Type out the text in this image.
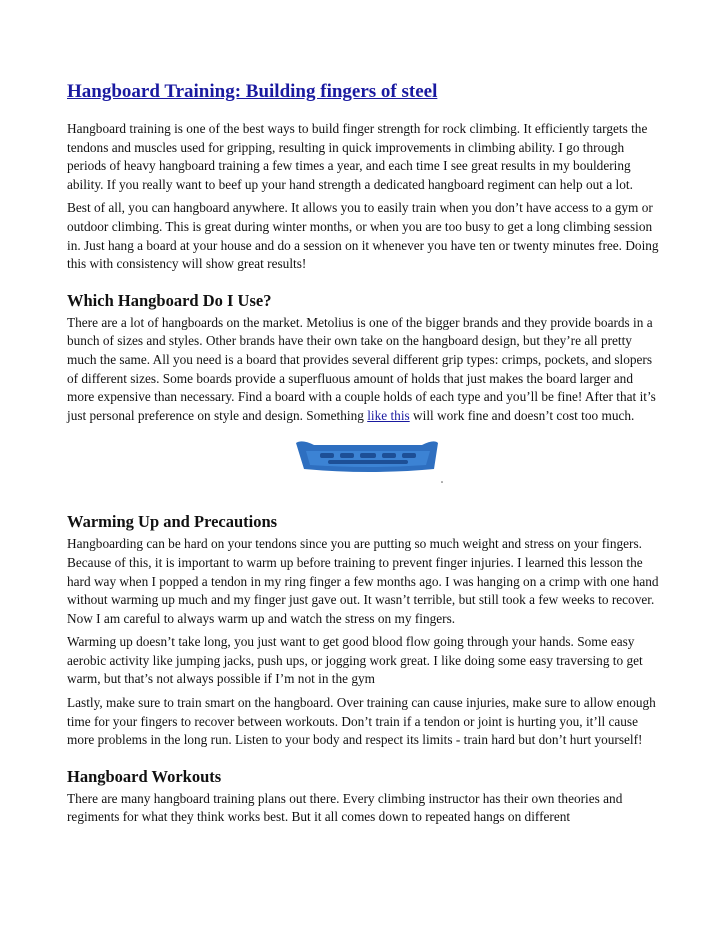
Hangboard Training: Building fingers of steel

Hangboard training is one of the best ways to build finger strength for rock climbing. It efficiently targets the tendons and muscles used for gripping, resulting in quick improvements in climbing ability. I go through periods of heavy hangboard training a few times a year, and each time I see great results in my bouldering ability. If you really want to beef up your hand strength a dedicated hangboard regiment can help out a lot.

Best of all, you can hangboard anywhere. It allows you to easily train when you don’t have access to a gym or outdoor climbing. This is great during winter months, or when you are too busy to get a long climbing session in. Just hang a board at your house and do a session on it whenever you have ten or twenty minutes free. Doing this with consistency will show great results!

Which Hangboard Do I Use?

There are a lot of hangboards on the market. Metolius is one of the bigger brands and they provide boards in a bunch of sizes and styles. Other brands have their own take on the hangboard design, but they’re all pretty much the same. All you need is a board that provides several different grip types: crimps, pockets, and slopers of different sizes. Some boards provide a superfluous amount of holds that just makes the board larger and more expensive than necessary. Find a board with a couple holds of each type and you’ll be fine! After that it’s just personal preference on style and design. Something like this will work fine and doesn’t cost too much.

Warming Up and Precautions

Hangboarding can be hard on your tendons since you are putting so much weight and stress on your fingers. Because of this, it is important to warm up before training to prevent finger injuries. I learned this lesson the hard way when I popped a tendon in my ring finger a few months ago. I was hanging on a crimp with one hand without warming up much and my finger just gave out. It wasn’t terrible, but still took a few weeks to recover. Now I am careful to always warm up and watch the stress on my fingers.

Warming up doesn’t take long, you just want to get good blood flow going through your hands. Some easy aerobic activity like jumping jacks, push ups, or jogging work great. I like doing some easy traversing to get warm, but that’s not always possible if I’m not in the gym

Lastly, make sure to train smart on the hangboard. Over training can cause injuries, make sure to allow enough time for your fingers to recover between workouts. Don’t train if a tendon or joint is hurting you, it’ll cause more problems in the long run. Listen to your body and respect its limits - train hard but don’t hurt yourself!

Hangboard Workouts

There are many hangboard training plans out there. Every climbing instructor has their own theories and regiments for what they think works best. But it all comes down to repeated hangs on different
